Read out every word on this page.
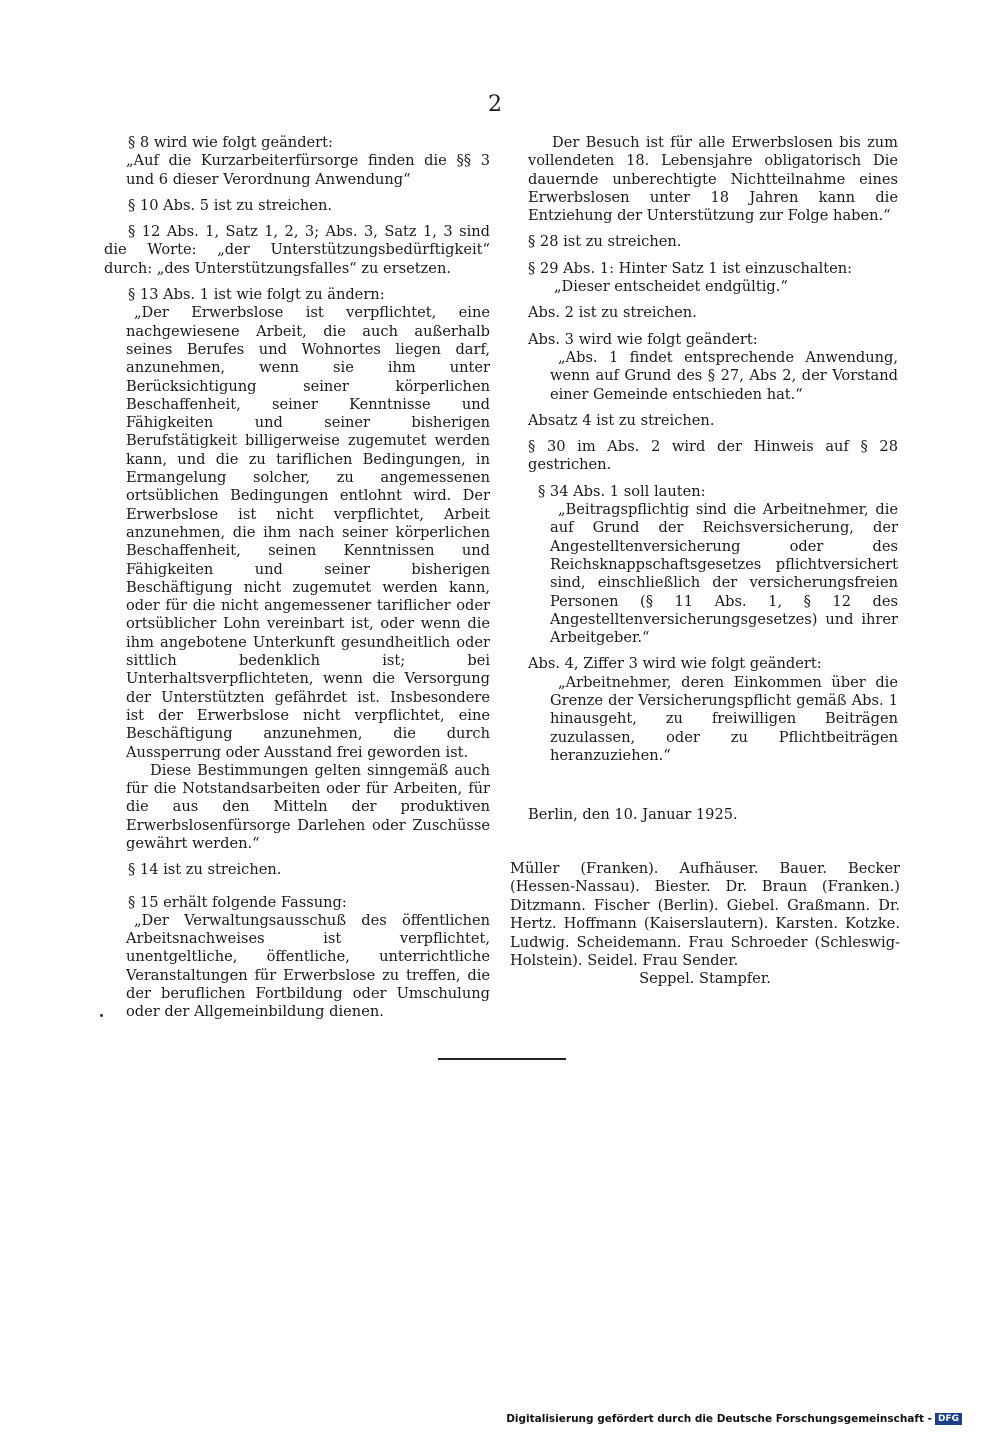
2

§ 8 wird wie folgt geändert:

„Auf die Kurzarbeiterfürsorge finden die §§ 3 und 6 dieser Verordnung Anwendung“

§ 10 Abs. 5 ist zu streichen.

§ 12 Abs. 1, Satz 1, 2, 3; Abs. 3, Satz 1, 3 sind die Worte: „der Unterstützungsbedürftigkeit“ durch: „des Unterstützungsfalles“ zu ersetzen.

§ 13 Abs. 1 ist wie folgt zu ändern:

„Der Erwerbslose ist verpflichtet, eine nachgewiesene Arbeit, die auch außerhalb seines Berufes und Wohnortes liegen darf, anzunehmen, wenn sie ihm unter Berücksichtigung seiner körperlichen Beschaffenheit, seiner Kenntnisse und Fähigkeiten und seiner bisherigen Berufstätigkeit billigerweise zugemutet werden kann, und die zu tariflichen Bedingungen, in Ermangelung solcher, zu angemessenen ortsüblichen Bedingungen entlohnt wird. Der Erwerbslose ist nicht verpflichtet, Arbeit anzunehmen, die ihm nach seiner körperlichen Beschaffenheit, seinen Kenntnissen und Fähigkeiten und seiner bisherigen Beschäftigung nicht zugemutet werden kann, oder für die nicht angemessener tariflicher oder ortsüblicher Lohn vereinbart ist, oder wenn die ihm angebotene Unterkunft gesundheitlich oder sittlich bedenklich ist; bei Unterhaltsverpflichteten, wenn die Versorgung der Unterstützten gefährdet ist. Insbesondere ist der Erwerbslose nicht verpflichtet, eine Beschäftigung anzunehmen, die durch Aussperrung oder Ausstand frei geworden ist.

Diese Bestimmungen gelten sinngemäß auch für die Notstandsarbeiten oder für Arbeiten, für die aus den Mitteln der produktiven Erwerbslosenfürsorge Darlehen oder Zuschüsse gewährt werden.“

§ 14 ist zu streichen.

§ 15 erhält folgende Fassung:

„Der Verwaltungsausschuß des öffentlichen Arbeitsnachweises ist verpflichtet, unentgeltliche, öffentliche, unterrichtliche Veranstaltungen für Erwerbslose zu treffen, die der beruflichen Fortbildung oder Umschulung oder der Allgemeinbildung dienen.

Der Besuch ist für alle Erwerbslosen bis zum vollendeten 18. Lebensjahre obligatorisch Die dauernde unberechtigte Nichtteilnahme eines Erwerbslosen unter 18 Jahren kann die Entziehung der Unterstützung zur Folge haben.“

§ 28 ist zu streichen.

§ 29 Abs. 1: Hinter Satz 1 ist einzuschalten:

„Dieser entscheidet endgültig.“

Abs. 2 ist zu streichen.

Abs. 3 wird wie folgt geändert:

„Abs. 1 findet entsprechende Anwendung, wenn auf Grund des § 27, Abs 2, der Vorstand einer Gemeinde entschieden hat.“

Absatz 4 ist zu streichen.

§ 30 im Abs. 2 wird der Hinweis auf § 28 gestrichen.

§ 34 Abs. 1 soll lauten:

„Beitragspflichtig sind die Arbeitnehmer, die auf Grund der Reichsversicherung, der Angestelltenversicherung oder des Reichsknappschaftsgesetzes pflichtversichert sind, einschließlich der versicherungsfreien Personen (§ 11 Abs. 1, § 12 des Angestelltenversicherungsgesetzes) und ihrer Arbeitgeber.“

Abs. 4, Ziffer 3 wird wie folgt geändert:

„Arbeitnehmer, deren Einkommen über die Grenze der Versicherungspflicht gemäß Abs. 1 hinausgeht, zu freiwilligen Beiträgen zuzulassen, oder zu Pflichtbeiträgen heranzuziehen.“

Berlin, den 10. Januar 1925.
Müller (Franken). Aufhäuser. Bauer. Becker (Hessen-Nassau). Biester. Dr. Braun (Franken.) Ditzmann. Fischer (Berlin). Giebel. Graßmann. Dr. Hertz. Hoffmann (Kaiserslautern). Karsten. Kotzke. Ludwig. Scheidemann. Frau Schroeder (Schleswig-Holstein). Seidel. Frau Sender.
Seppel. Stampfer.
Digitalisierung gefördert durch die Deutsche Forschungsgemeinschaft - DFG
